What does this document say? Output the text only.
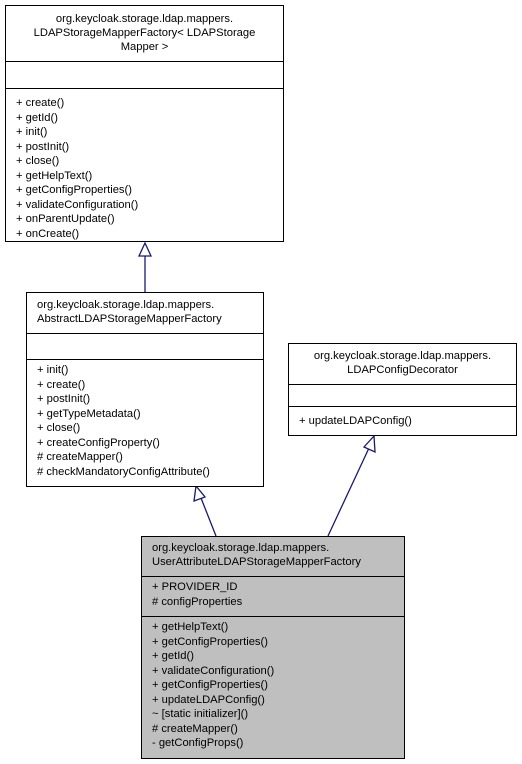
org.keycloak.storage.ldap.mappers.
LDAPStorageMapperFactory< LDAPStorage
Mapper >
+ create()
+ getId()
+ init()
+ postInit()
+ close()
+ getHelpText()
+ getConfigProperties()
+ validateConfiguration()
+ onParentUpdate()
+ onCreate()
org.keycloak.storage.ldap.mappers.
AbstractLDAPStorageMapperFactory
+ init()
+ create()
+ postInit()
+ getTypeMetadata()
+ close()
+ createConfigProperty()
# createMapper()
# checkMandatoryConfigAttribute()
org.keycloak.storage.ldap.mappers.
LDAPConfigDecorator
+ updateLDAPConfig()
org.keycloak.storage.ldap.mappers.
UserAttributeLDAPStorageMapperFactory
+ PROVIDER_ID
# configProperties
+ getHelpText()
+ getConfigProperties()
+ getId()
+ validateConfiguration()
+ getConfigProperties()
+ updateLDAPConfig()
~ [static initializer]()
# createMapper()
- getConfigProps()
